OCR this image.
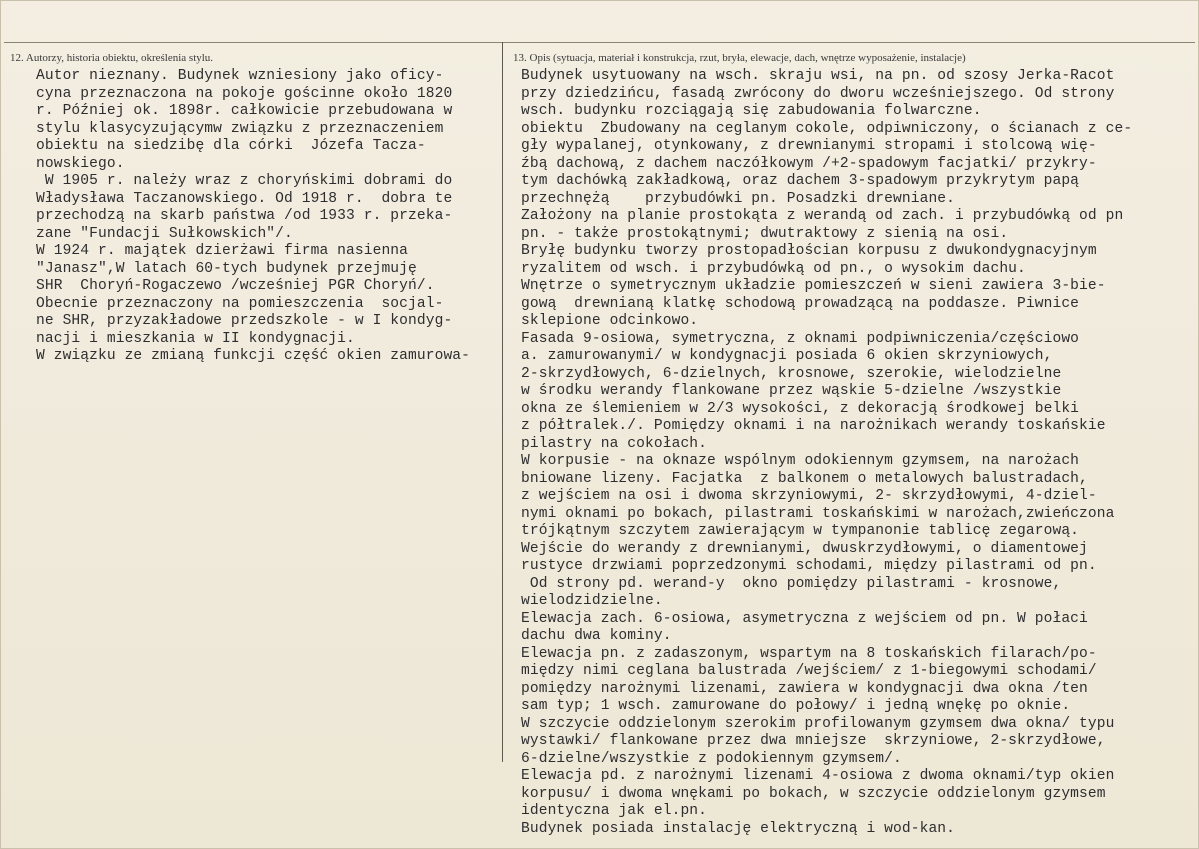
12. Autorzy, historia obiektu, określenia stylu.	13. Opis (sytuacja, materiał i konstrukcja, rzut, bryła, elewacje, dach, wnętrze wyposażenie, instalacje)
Autor nieznany. Budynek wzniesiony jako oficy-
cyna przeznaczona na pokoje gościnne około 1820
r. Później ok. 1898r. całkowicie przebudowana w
stylu klasycyzującymw związku z przeznaczeniem
obiektu na siedzibę dla córki  Józefa Tacza-
nowskiego.
W 1905 r. należy wraz z choryńskimi dobrami do
Władysława Taczanowskiego. Od 1918 r.  dobra te
przechodzą na skarb państwa /od 1933 r. przeka-
zane "Fundacji Sułkowskich"/.
W 1924 r. majątek dzierżawi firma nasienna
"Janasz",W latach 60-tych budynek przejmuję
SHR  Choryń-Rogaczewo /wcześniej PGR Choryń/.
Obecnie przeznaczony na pomieszczenia  socjal-
ne SHR, przyzakładowe przedszkole - w I kondyg-
nacji i mieszkania w II kondygnacji.
W związku ze zmianą funkcji część okien zamurowa-
Budynek usytuowany na wsch. skraju wsi, na pn. od szosy Jerka-Racot
przy dziedzińcu, fasadą zwrócony do dworu wcześniejszego. Od strony
wsch. budynku rozciągają się zabudowania folwarczne.
obiektu  Zbudowany na ceglanym cokole, odpiwniczony, o ścianach z ce-
gły wypalanej, otynkowany, z drewnianymi stropami i stolcową wię-
źbą dachową, z dachem naczółkowym /+2-spadowym facjatki/ przykry-
tym dachówką zakładkową, oraz dachem 3-spadowym przykrytym papą
przechnężą    przybudówki pn. Posadzki drewniane.
Założony na planie prostokąta z werandą od zach. i przybudówką od pn
pn. - także prostokątnymi; dwutraktowy z sienią na osi.
Bryłę budynku tworzy prostopadłościan korpusu z dwukondygnacyjnym
ryzalitem od wsch. i przybudówką od pn., o wysokim dachu.
Wnętrze o symetrycznym układzie pomieszczeń w sieni zawiera 3-bie-
gową  drewnianą klatkę schodową prowadzącą na poddasze. Piwnice
sklepione odcinkowo.
Fasada 9-osiowa, symetryczna, z oknami podpiwniczenia/częściowo
a. zamurowanymi/ w kondygnacji posiada 6 okien skrzyniowych,
2-skrzydłowych, 6-dzielnych, krosnowe, szerokie, wielodzielne
w środku werandy flankowane przez wąskie 5-dzielne /wszystkie
okna ze ślemieniem w 2/3 wysokości, z dekoracją środkowej belki
z półtralek./. Pomiędzy oknami i na narożnikach werandy toskańskie
pilastry na cokołach.
W korpusie - na oknaze wspólnym odokiennym gzymsem, na narożach
bniowane lizeny. Facjatka  z balkonem o metalowych balustradach,
z wejściem na osi i dwoma skrzyniowymi, 2- skrzydłowymi, 4-dziel-
nymi oknami po bokach, pilastrami toskańskimi w narożach,zwieńczona
trójkątnym szczytem zawierającym w tympanonie tablicę zegarową.
Wejście do werandy z drewnianymi, dwuskrzydłowymi, o diamentowej
rustyce drzwiami poprzedzonymi schodami, między pilastrami od pn.
Od strony pd. werand-y  okno pomiędzy pilastrami - krosnowe,
wielodzidzielne.
Elewacja zach. 6-osiowa, asymetryczna z wejściem od pn. W połaci
dachu dwa kominy.
Elewacja pn. z zadaszonym, wspartym na 8 toskańskich filarach/po-
między nimi ceglana balustrada /wejściem/ z 1-biegowymi schodami/
pomiędzy narożnymi lizenami, zawiera w kondygnacji dwa okna /ten
sam typ; 1 wsch. zamurowane do połowy/ i jedną wnękę po oknie.
W szczycie oddzielonym szerokim profilowanym gzymsem dwa okna/ typu
wystawki/ flankowane przez dwa mniejsze  skrzyniowe, 2-skrzydłowe,
6-dzielne/wszystkie z podokiennym gzymsem/.
Elewacja pd. z narożnymi lizenami 4-osiowa z dwoma oknami/typ okien
korpusu/ i dwoma wnękami po bokach, w szczycie oddzielonym gzymsem
identyczna jak el.pn.
Budynek posiada instalację elektryczną i wod-kan.
